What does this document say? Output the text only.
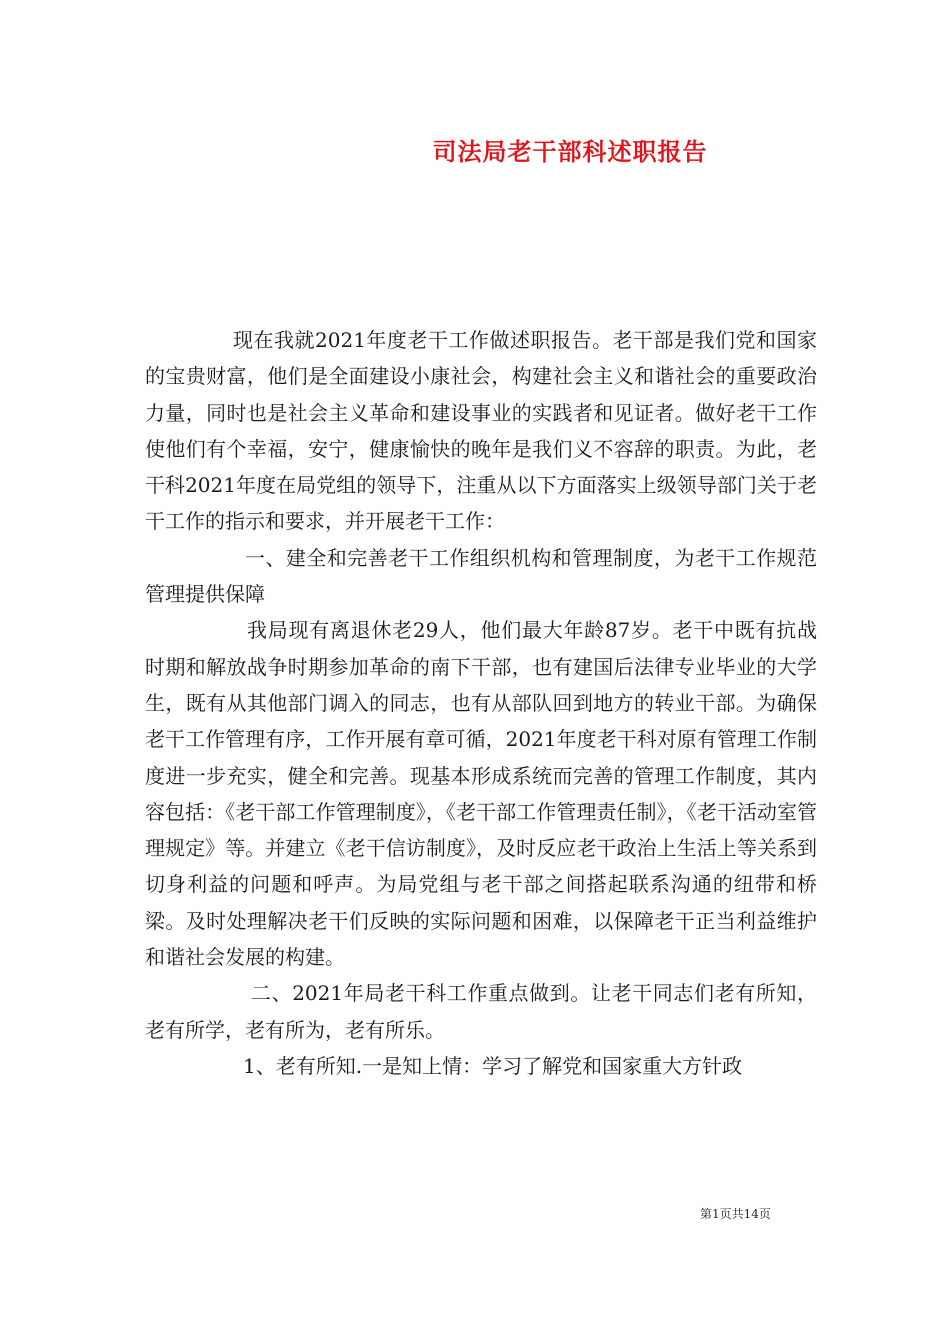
司法局老干部科述职报告

现在我就2021年度老干工作做述职报告。老干部是我们党和国家的宝贵财富，他们是全面建设小康社会，构建社会主义和谐社会的重要政治力量，同时也是社会主义革命和建设事业的实践者和见证者。做好老干工作使他们有个幸福，安宁，健康愉快的晚年是我们义不容辞的职责。为此，老干科2021年度在局党组的领导下，注重从以下方面落实上级领导部门关于老干工作的指示和要求，并开展老干工作：

一、建全和完善老干工作组织机构和管理制度，为老干工作规范管理提供保障

我局现有离退休老29人，他们最大年龄87岁。老干中既有抗战时期和解放战争时期参加革命的南下干部，也有建国后法律专业毕业的大学生，既有从其他部门调入的同志，也有从部队回到地方的转业干部。为确保老干工作管理有序，工作开展有章可循，2021年度老干科对原有管理工作制度进一步充实，健全和完善。现基本形成系统而完善的管理工作制度，其内容包括：《老干部工作管理制度》，《老干部工作管理责任制》，《老干活动室管理规定》等。并建立《老干信访制度》，及时反应老干政治上生活上等关系到切身利益的问题和呼声。为局党组与老干部之间搭起联系沟通的纽带和桥梁。及时处理解决老干们反映的实际问题和困难，以保障老干正当利益维护和谐社会发展的构建。

二、2021年局老干科工作重点做到。让老干同志们老有所知，老有所学，老有所为，老有所乐。

1、老有所知.一是知上情：学习了解党和国家重大方针政

第1页共14页
